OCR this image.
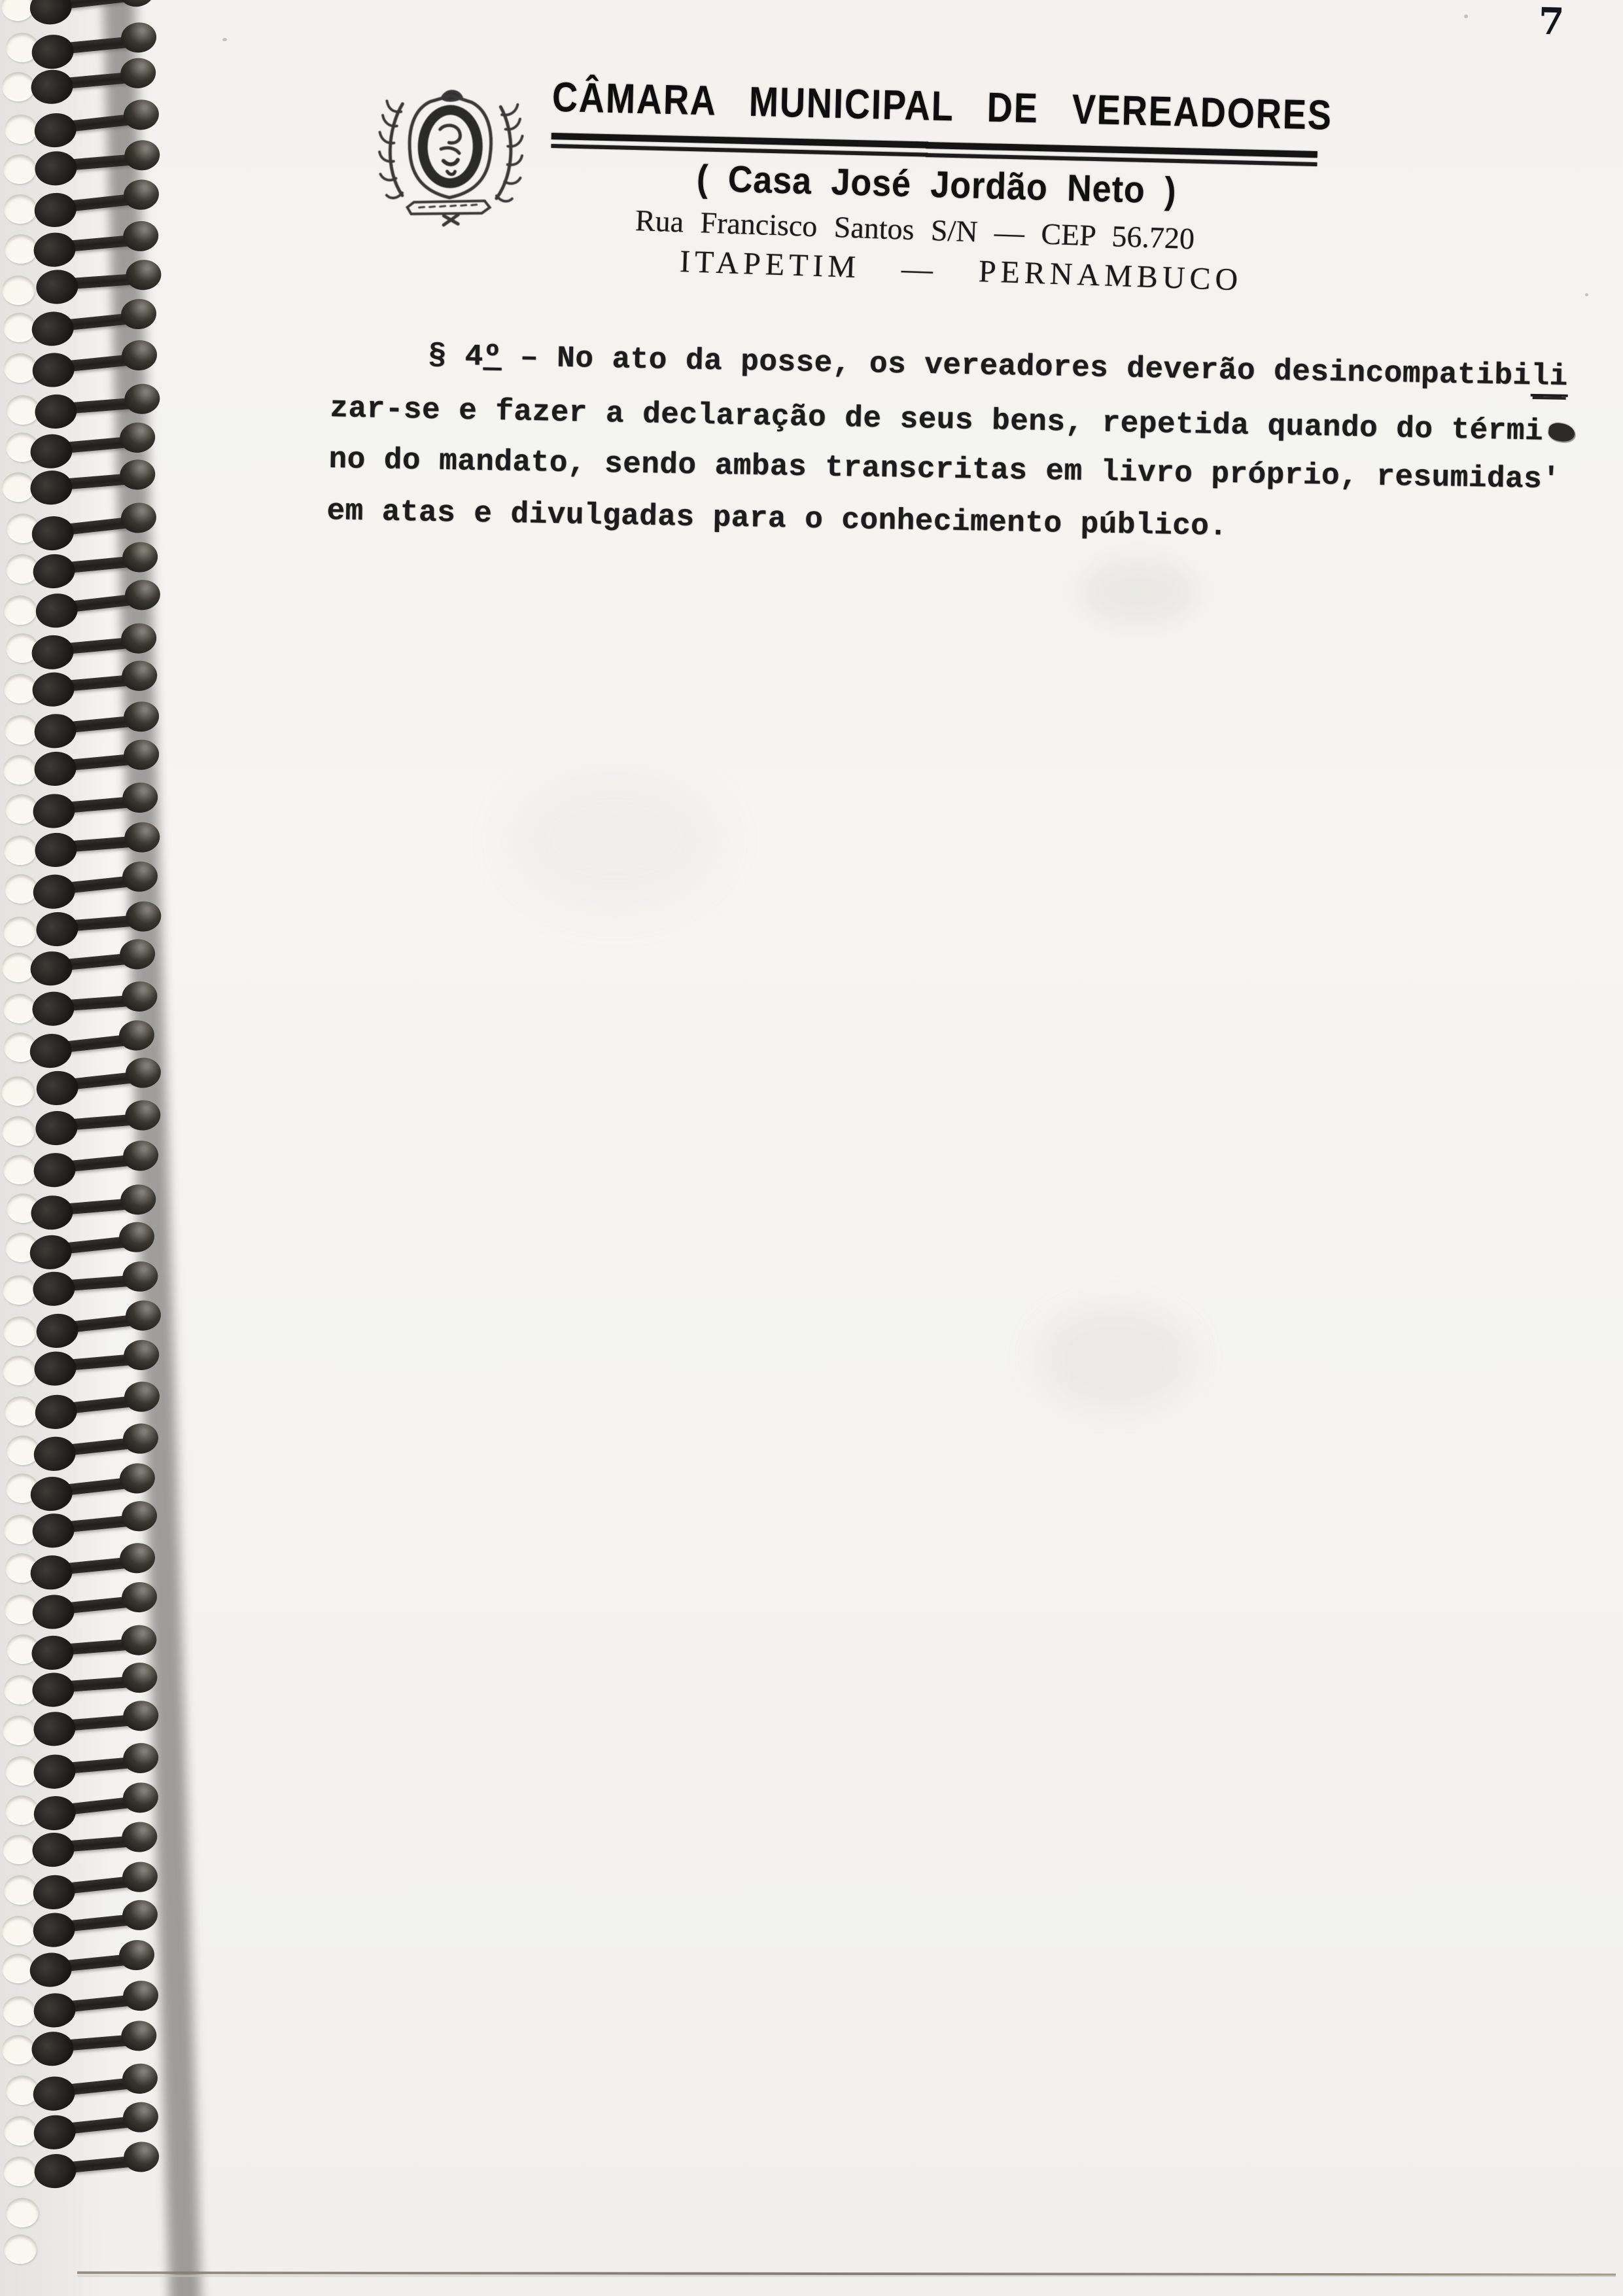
7
CÂMARA MUNICIPAL DE VEREADORES
( Casa José Jordão Neto )
Rua Francisco Santos S/N — CEP 56.720
ITAPETIM — PERNAMBUCO
§ 4º – No ato da posse, os vereadores deverão desincompatibili
zar-se e fazer a declaração de seus bens, repetida quando do térmi
no do mandato, sendo ambas transcritas em livro próprio, resumidas'
em atas e divulgadas para o conhecimento público.
